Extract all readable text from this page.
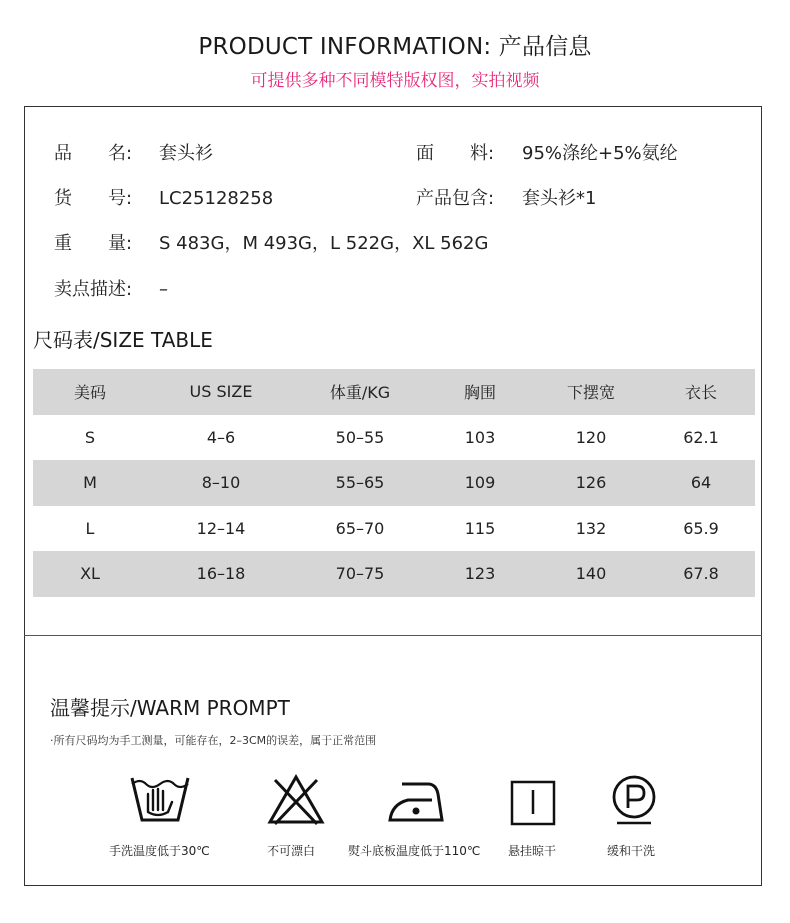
PRODUCT INFORMATION: 产品信息
可提供多种不同模特版权图，实拍视频
品　　名: 套头衫	面　　料: 95%涤纶+5%氨纶
货　　号: LC25128258	产品包含: 套头衫*1
重　　量: S 483G，M 493G，L 522G，XL 562G
卖点描述: –
尺码表/SIZE TABLE
美码	US SIZE	体重/KG	胸围	下摆宽	衣长
S	4–6	50–55	103	120	62.1
M	8–10	55–65	109	126	64
L	12–14	65–70	115	132	65.9
XL	16–18	70–75	123	140	67.8
温馨提示/WARM PROMPT
·所有尺码均为手工测量，可能存在，2–3CM的误差，属于正常范围
手洗温度低于30℃	不可漂白	熨斗底板温度低于110℃ 悬挂晾干	缓和干洗
